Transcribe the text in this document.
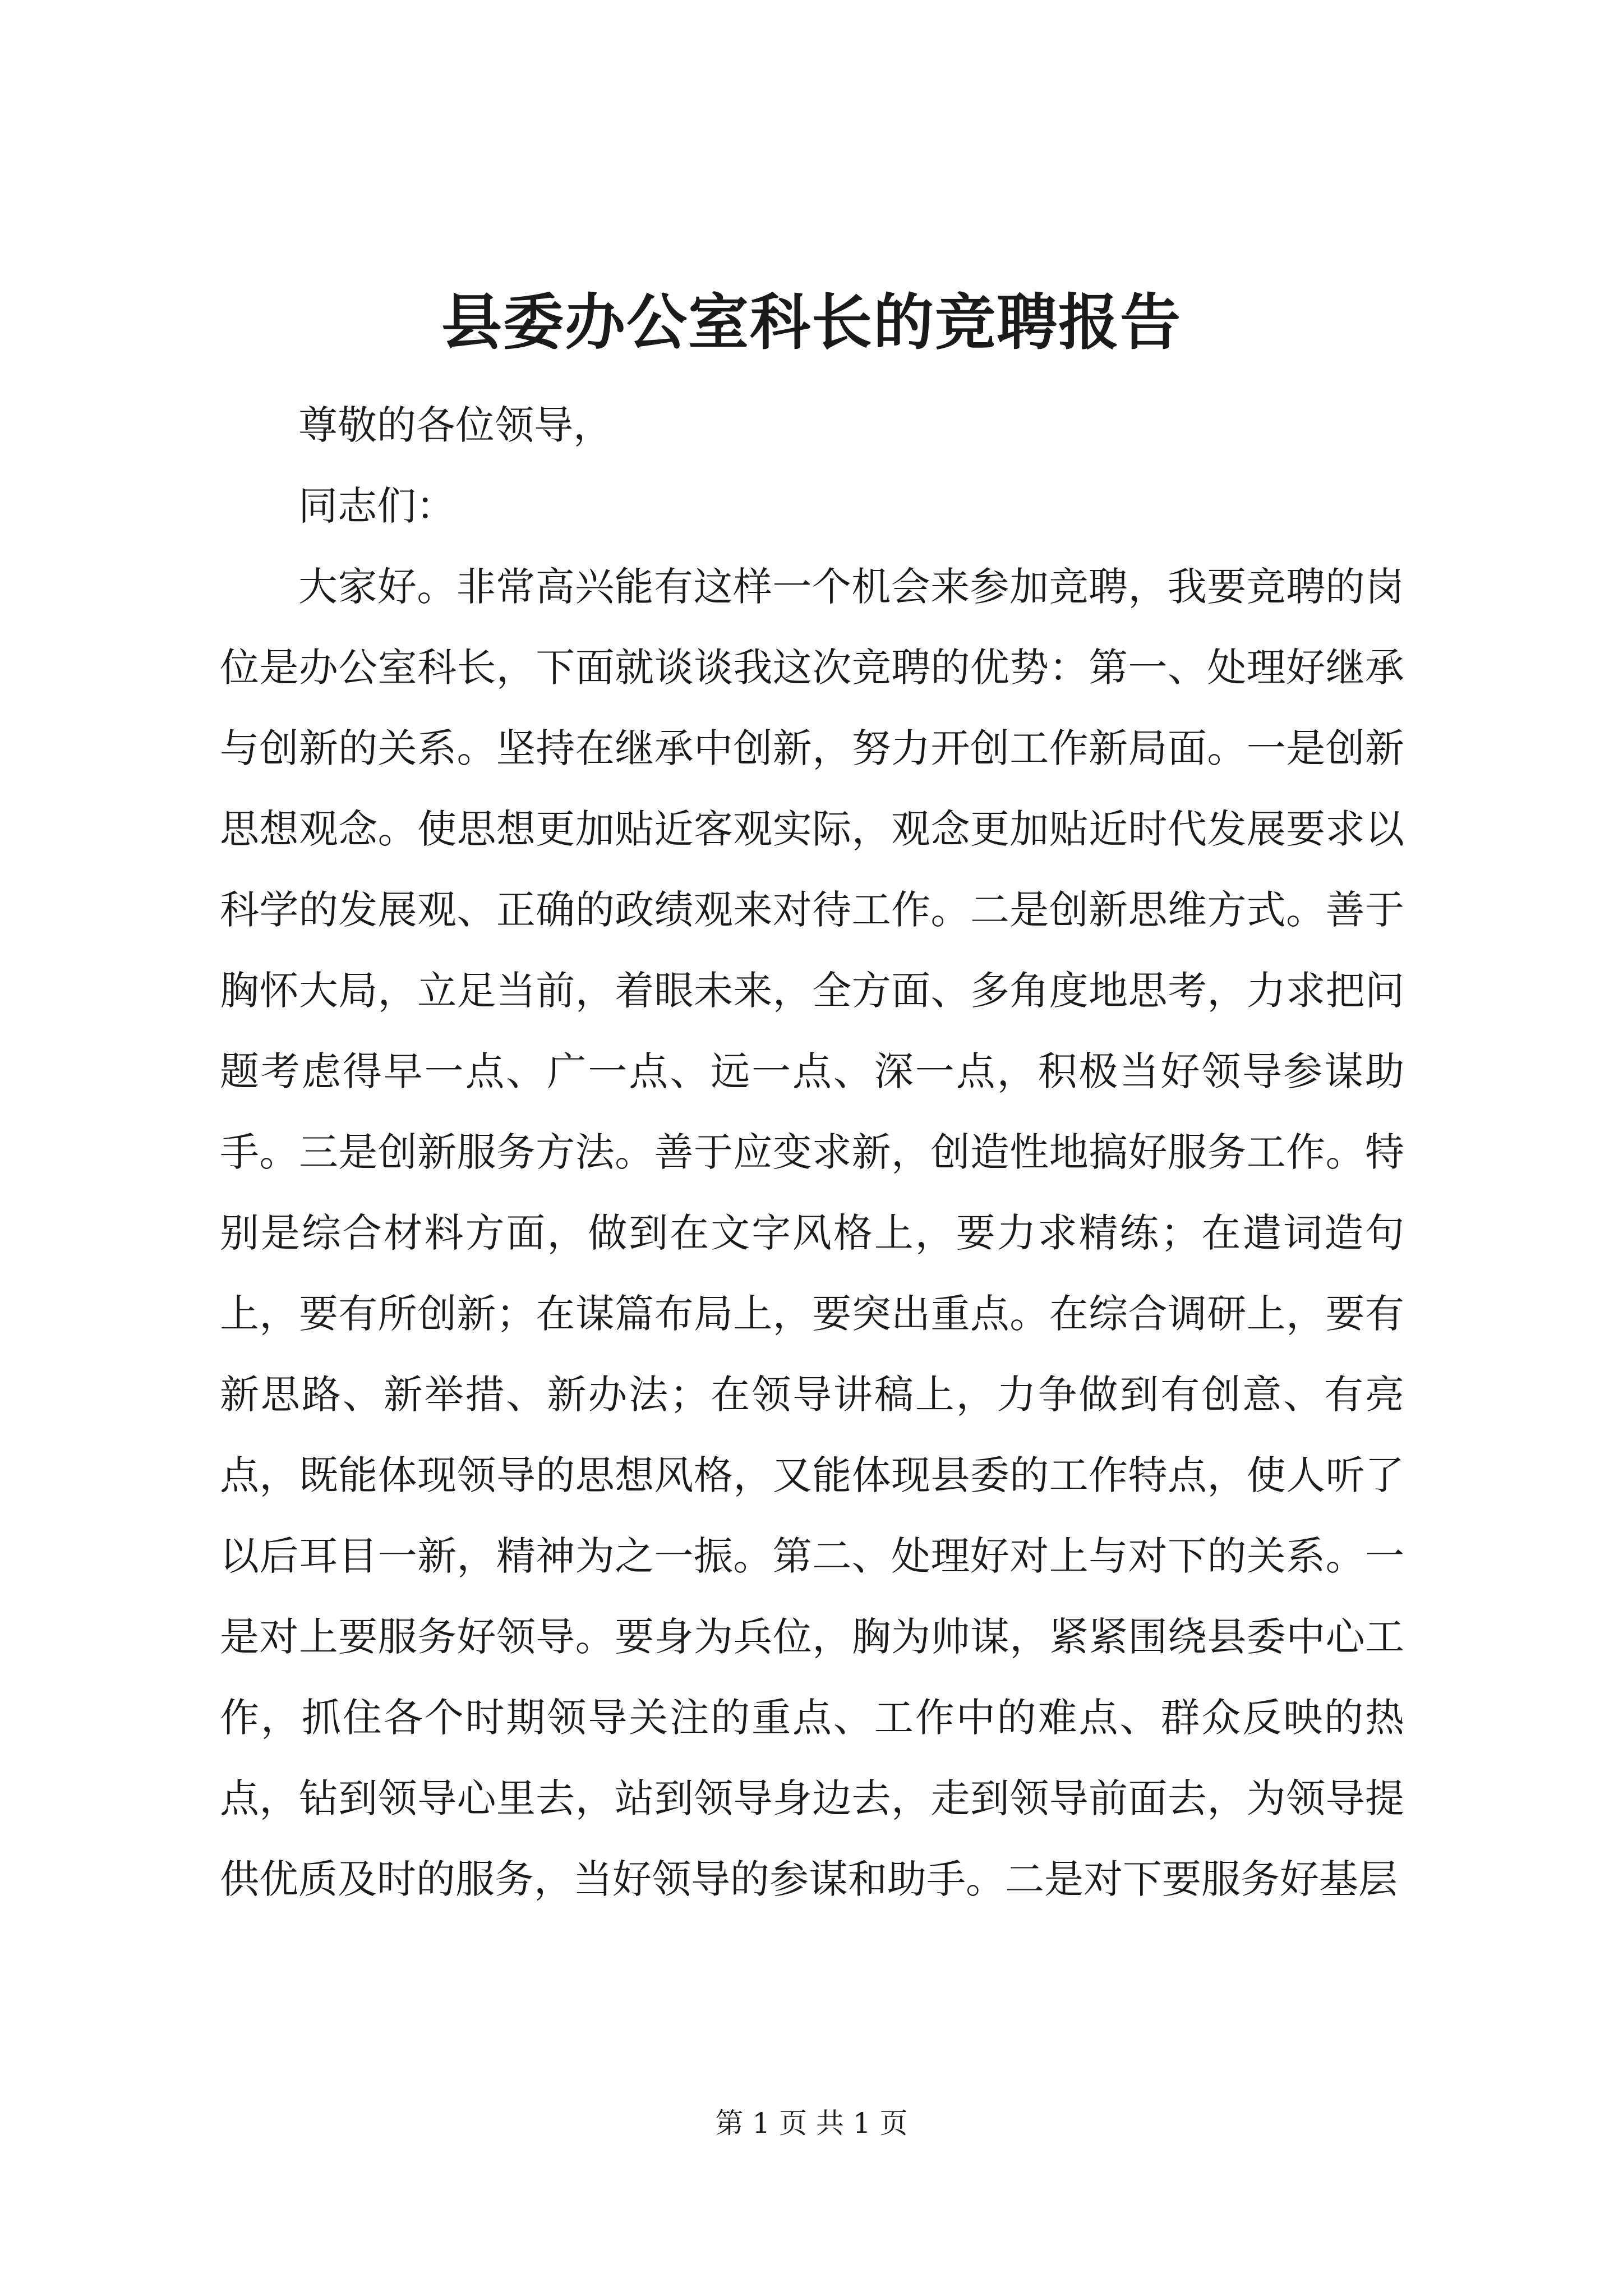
县委办公室科长的竞聘报告

尊敬的各位领导，

同志们：

大家好。非常高兴能有这样一个机会来参加竞聘，我要竞聘的岗位是办公室科长，下面就谈谈我这次竞聘的优势：第一、处理好继承与创新的关系。坚持在继承中创新，努力开创工作新局面。一是创新思想观念。使思想更加贴近客观实际，观念更加贴近时代发展要求以科学的发展观、正确的政绩观来对待工作。二是创新思维方式。善于胸怀大局，立足当前，着眼未来，全方面、多角度地思考，力求把问题考虑得早一点、广一点、远一点、深一点，积极当好领导参谋助手。三是创新服务方法。善于应变求新，创造性地搞好服务工作。特别是综合材料方面，做到在文字风格上，要力求精练；在遣词造句上，要有所创新；在谋篇布局上，要突出重点。在综合调研上，要有新思路、新举措、新办法；在领导讲稿上，力争做到有创意、有亮点，既能体现领导的思想风格，又能体现县委的工作特点，使人听了以后耳目一新，精神为之一振。第二、处理好对上与对下的关系。一是对上要服务好领导。要身为兵位，胸为帅谋，紧紧围绕县委中心工作，抓住各个时期领导关注的重点、工作中的难点、群众反映的热点，钻到领导心里去，站到领导身边去，走到领导前面去，为领导提供优质及时的服务，当好领导的参谋和助手。二是对下要服务好基层

第 1 页 共 1 页
